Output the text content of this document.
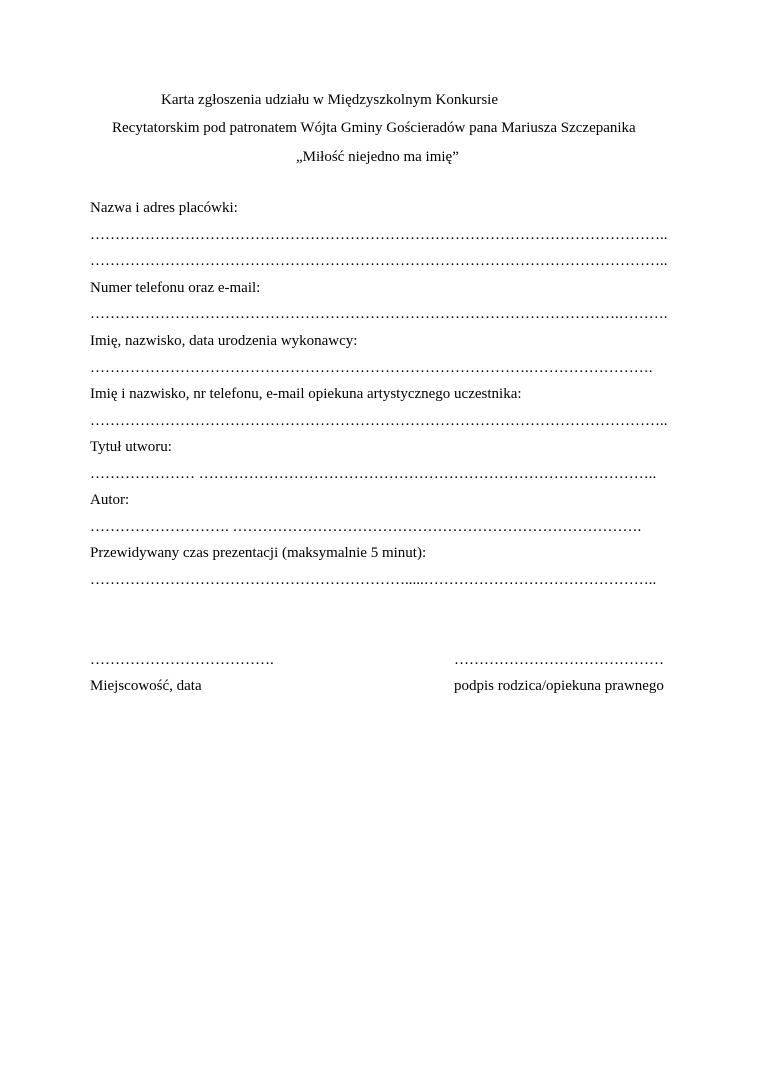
Karta zgłoszenia udziału w Międzyszkolnym Konkursie
Recytatorskim pod patronatem Wójta Gminy Gościeradów pana Mariusza Szczepanika
„Miłość niejedno ma imię”
Nazwa i adres placówki:
……………………………………………………………………………………………………..
……………………………………………………………………………………………………..
Numer telefonu oraz e-mail:
…………………………………………………………………………………………….……….
Imię, nazwisko, data urodzenia wykonawcy:
…………………………………………………………………………….…………………….
Imię i nazwisko, nr telefonu, e-mail opiekuna artystycznego uczestnika:
……………………………………………………………………………………………………..
Tytuł utworu:
………………… ………………………………………………………………………………..
Autor:
………………………. ……………………………………………………………………….
Przewidywany czas prezentacji (maksymalnie 5 minut):
……………………………………………………….....………………………………………..
……………………………….	……………………………………
Miejscowość, data	podpis rodzica/opiekuna prawnego
